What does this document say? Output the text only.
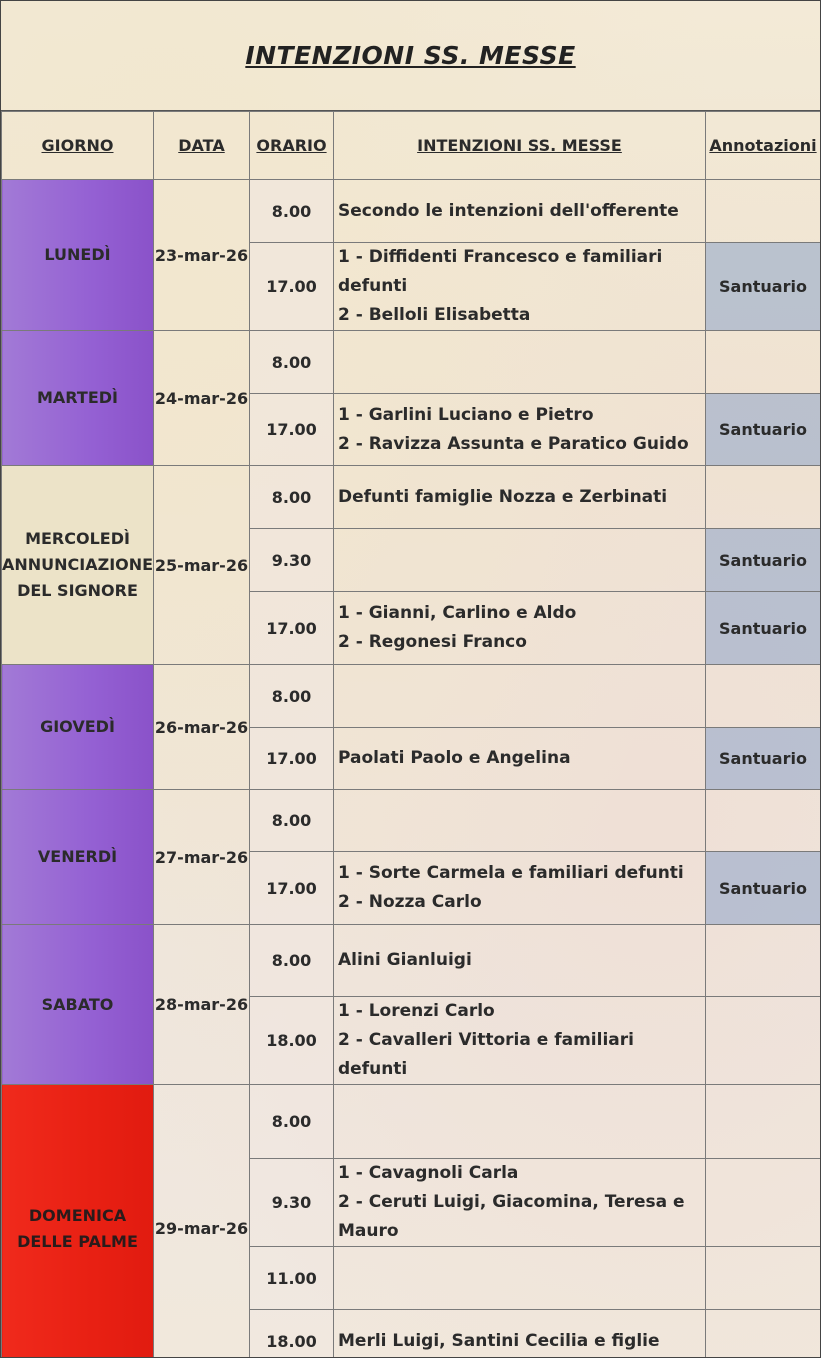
INTENZIONI SS. MESSE
GIORNO	DATA	ORARIO	INTENZIONI SS. MESSE	Annotazioni

LUNEDÌ	23-mar-26	8.00	Secondo le intenzioni dell'offerente	

		17.00	1 - Diffidenti Francesco e familiari
defunti
2 - Belloli Elisabetta	Santuario

MARTEDÌ	24-mar-26	8.00		
		17.00	1 - Garlini Luciano e Pietro
2 - Ravizza Assunta e Paratico Guido	Santuario

MERCOLEDÌ
ANNUNCIAZIONE
DEL SIGNORE	25-mar-26	8.00	Defunti famiglie Nozza e Zerbinati	

		9.30		Santuario
		17.00	1 - Gianni, Carlino e Aldo
2 - Regonesi Franco	Santuario

GIOVEDÌ	26-mar-26	8.00		
		17.00	Paolati Paolo e Angelina	Santuario

VENERDÌ	27-mar-26	8.00		
		17.00	1 - Sorte Carmela e familiari defunti
2 - Nozza Carlo	Santuario

SABATO	28-mar-26	8.00	Alini Gianluigi	

		18.00	1 - Lorenzi Carlo
2 - Cavalleri Vittoria e familiari defunti	

DOMENICA
DELLE PALME	29-mar-26	8.00		
		9.30	1 - Cavagnoli Carla
2 - Ceruti Luigi, Giacomina, Teresa e
Mauro	

		11.00		
		18.00	Merli Luigi, Santini Cecilia e figlie	
